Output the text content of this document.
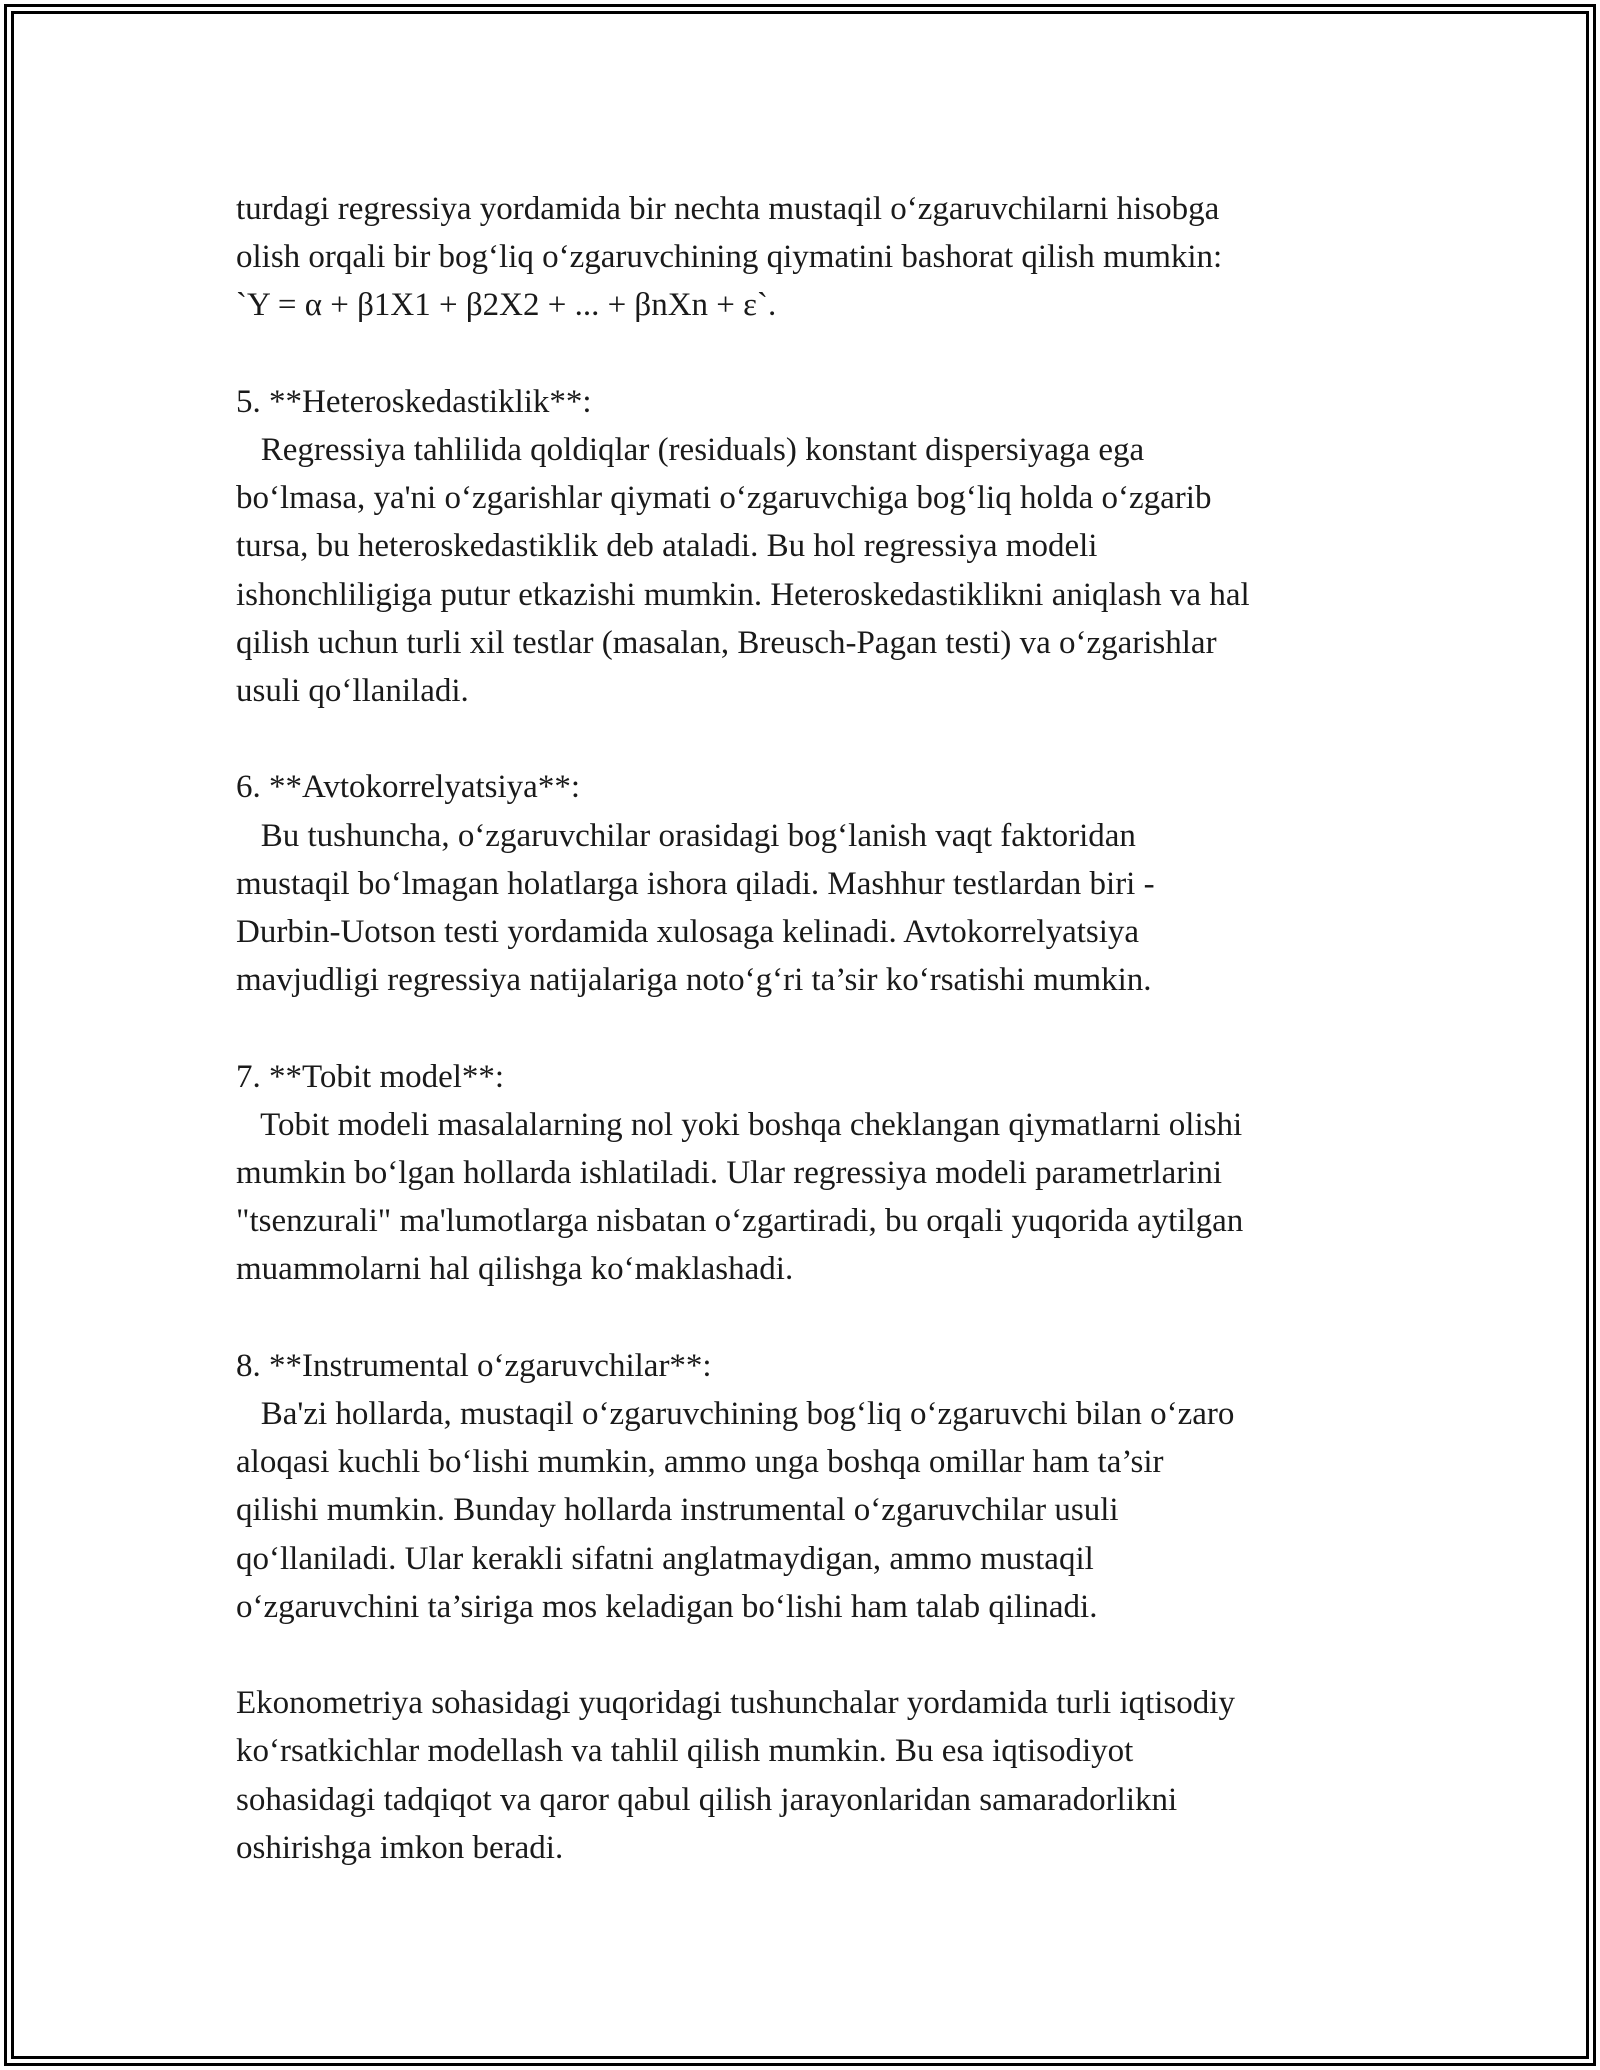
turdagi regressiya yordamida bir nechta mustaqil o‘zgaruvchilarni hisobga
olish orqali bir bog‘liq o‘zgaruvchining qiymatini bashorat qilish mumkin:
`Y = α + β1X1 + β2X2 + ... + βnXn + ε`.
5. **Heteroskedastiklik**:
Regressiya tahlilida qoldiqlar (residuals) konstant dispersiyaga ega
bo‘lmasa, ya'ni o‘zgarishlar qiymati o‘zgaruvchiga bog‘liq holda o‘zgarib
tursa, bu heteroskedastiklik deb ataladi. Bu hol regressiya modeli
ishonchliligiga putur etkazishi mumkin. Heteroskedastiklikni aniqlash va hal
qilish uchun turli xil testlar (masalan, Breusch-Pagan testi) va o‘zgarishlar
usuli qo‘llaniladi.
6. **Avtokorrelyatsiya**:
Bu tushuncha, o‘zgaruvchilar orasidagi bog‘lanish vaqt faktoridan
mustaqil bo‘lmagan holatlarga ishora qiladi. Mashhur testlardan biri -
Durbin-Uotson testi yordamida xulosaga kelinadi. Avtokorrelyatsiya
mavjudligi regressiya natijalariga noto‘g‘ri ta’sir ko‘rsatishi mumkin.
7. **Tobit model**:
Tobit modeli masalalarning nol yoki boshqa cheklangan qiymatlarni olishi
mumkin bo‘lgan hollarda ishlatiladi. Ular regressiya modeli parametrlarini
"tsenzurali" ma'lumotlarga nisbatan o‘zgartiradi, bu orqali yuqorida aytilgan
muammolarni hal qilishga ko‘maklashadi.
8. **Instrumental o‘zgaruvchilar**:
Ba'zi hollarda, mustaqil o‘zgaruvchining bog‘liq o‘zgaruvchi bilan o‘zaro
aloqasi kuchli bo‘lishi mumkin, ammo unga boshqa omillar ham ta’sir
qilishi mumkin. Bunday hollarda instrumental o‘zgaruvchilar usuli
qo‘llaniladi. Ular kerakli sifatni anglatmaydigan, ammo mustaqil
o‘zgaruvchini ta’siriga mos keladigan bo‘lishi ham talab qilinadi.
Ekonometriya sohasidagi yuqoridagi tushunchalar yordamida turli iqtisodiy
ko‘rsatkichlar modellash va tahlil qilish mumkin. Bu esa iqtisodiyot
sohasidagi tadqiqot va qaror qabul qilish jarayonlaridan samaradorlikni
oshirishga imkon beradi.
